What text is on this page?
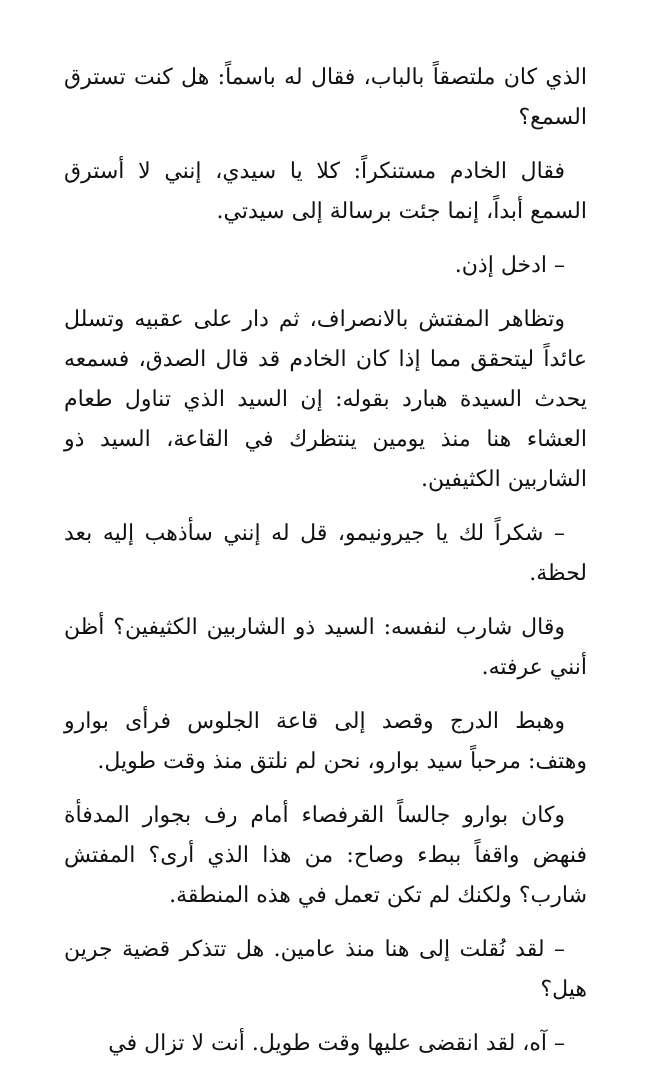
الذي كان ملتصقاً بالباب، فقال له باسماً: هل كنت تسترق السمع؟

فقال الخادم مستنكراً: كلا يا سيدي، إنني لا أسترق السمع أبداً، إنما جئت برسالة إلى سيدتي.

– ادخل إذن.

وتظاهر المفتش بالانصراف، ثم دار على عقبيه وتسلل عائداً ليتحقق مما إذا كان الخادم قد قال الصدق، فسمعه يحدث السيدة هبارد بقوله: إن السيد الذي تناول طعام العشاء هنا منذ يومين ينتظرك في القاعة، السيد ذو الشاربين الكثيفين.

– شكراً لك يا جيرونيمو، قل له إنني سأذهب إليه بعد لحظة.

وقال شارب لنفسه: السيد ذو الشاربين الكثيفين؟ أظن أنني عرفته.

وهبط الدرج وقصد إلى قاعة الجلوس فرأى بوارو وهتف: مرحباً سيد بوارو، نحن لم نلتق منذ وقت طويل.

وكان بوارو جالساً القرفصاء أمام رف بجوار المدفأة فنهض واقفاً ببطء وصاح: من هذا الذي أرى؟ المفتش شارب؟ ولكنك لم تكن تعمل في هذه المنطقة.

– لقد نُقلت إلى هنا منذ عامين. هل تتذكر قضية جرين هيل؟

– آه، لقد انقضى عليها وقت طويل. أنت لا تزال في
